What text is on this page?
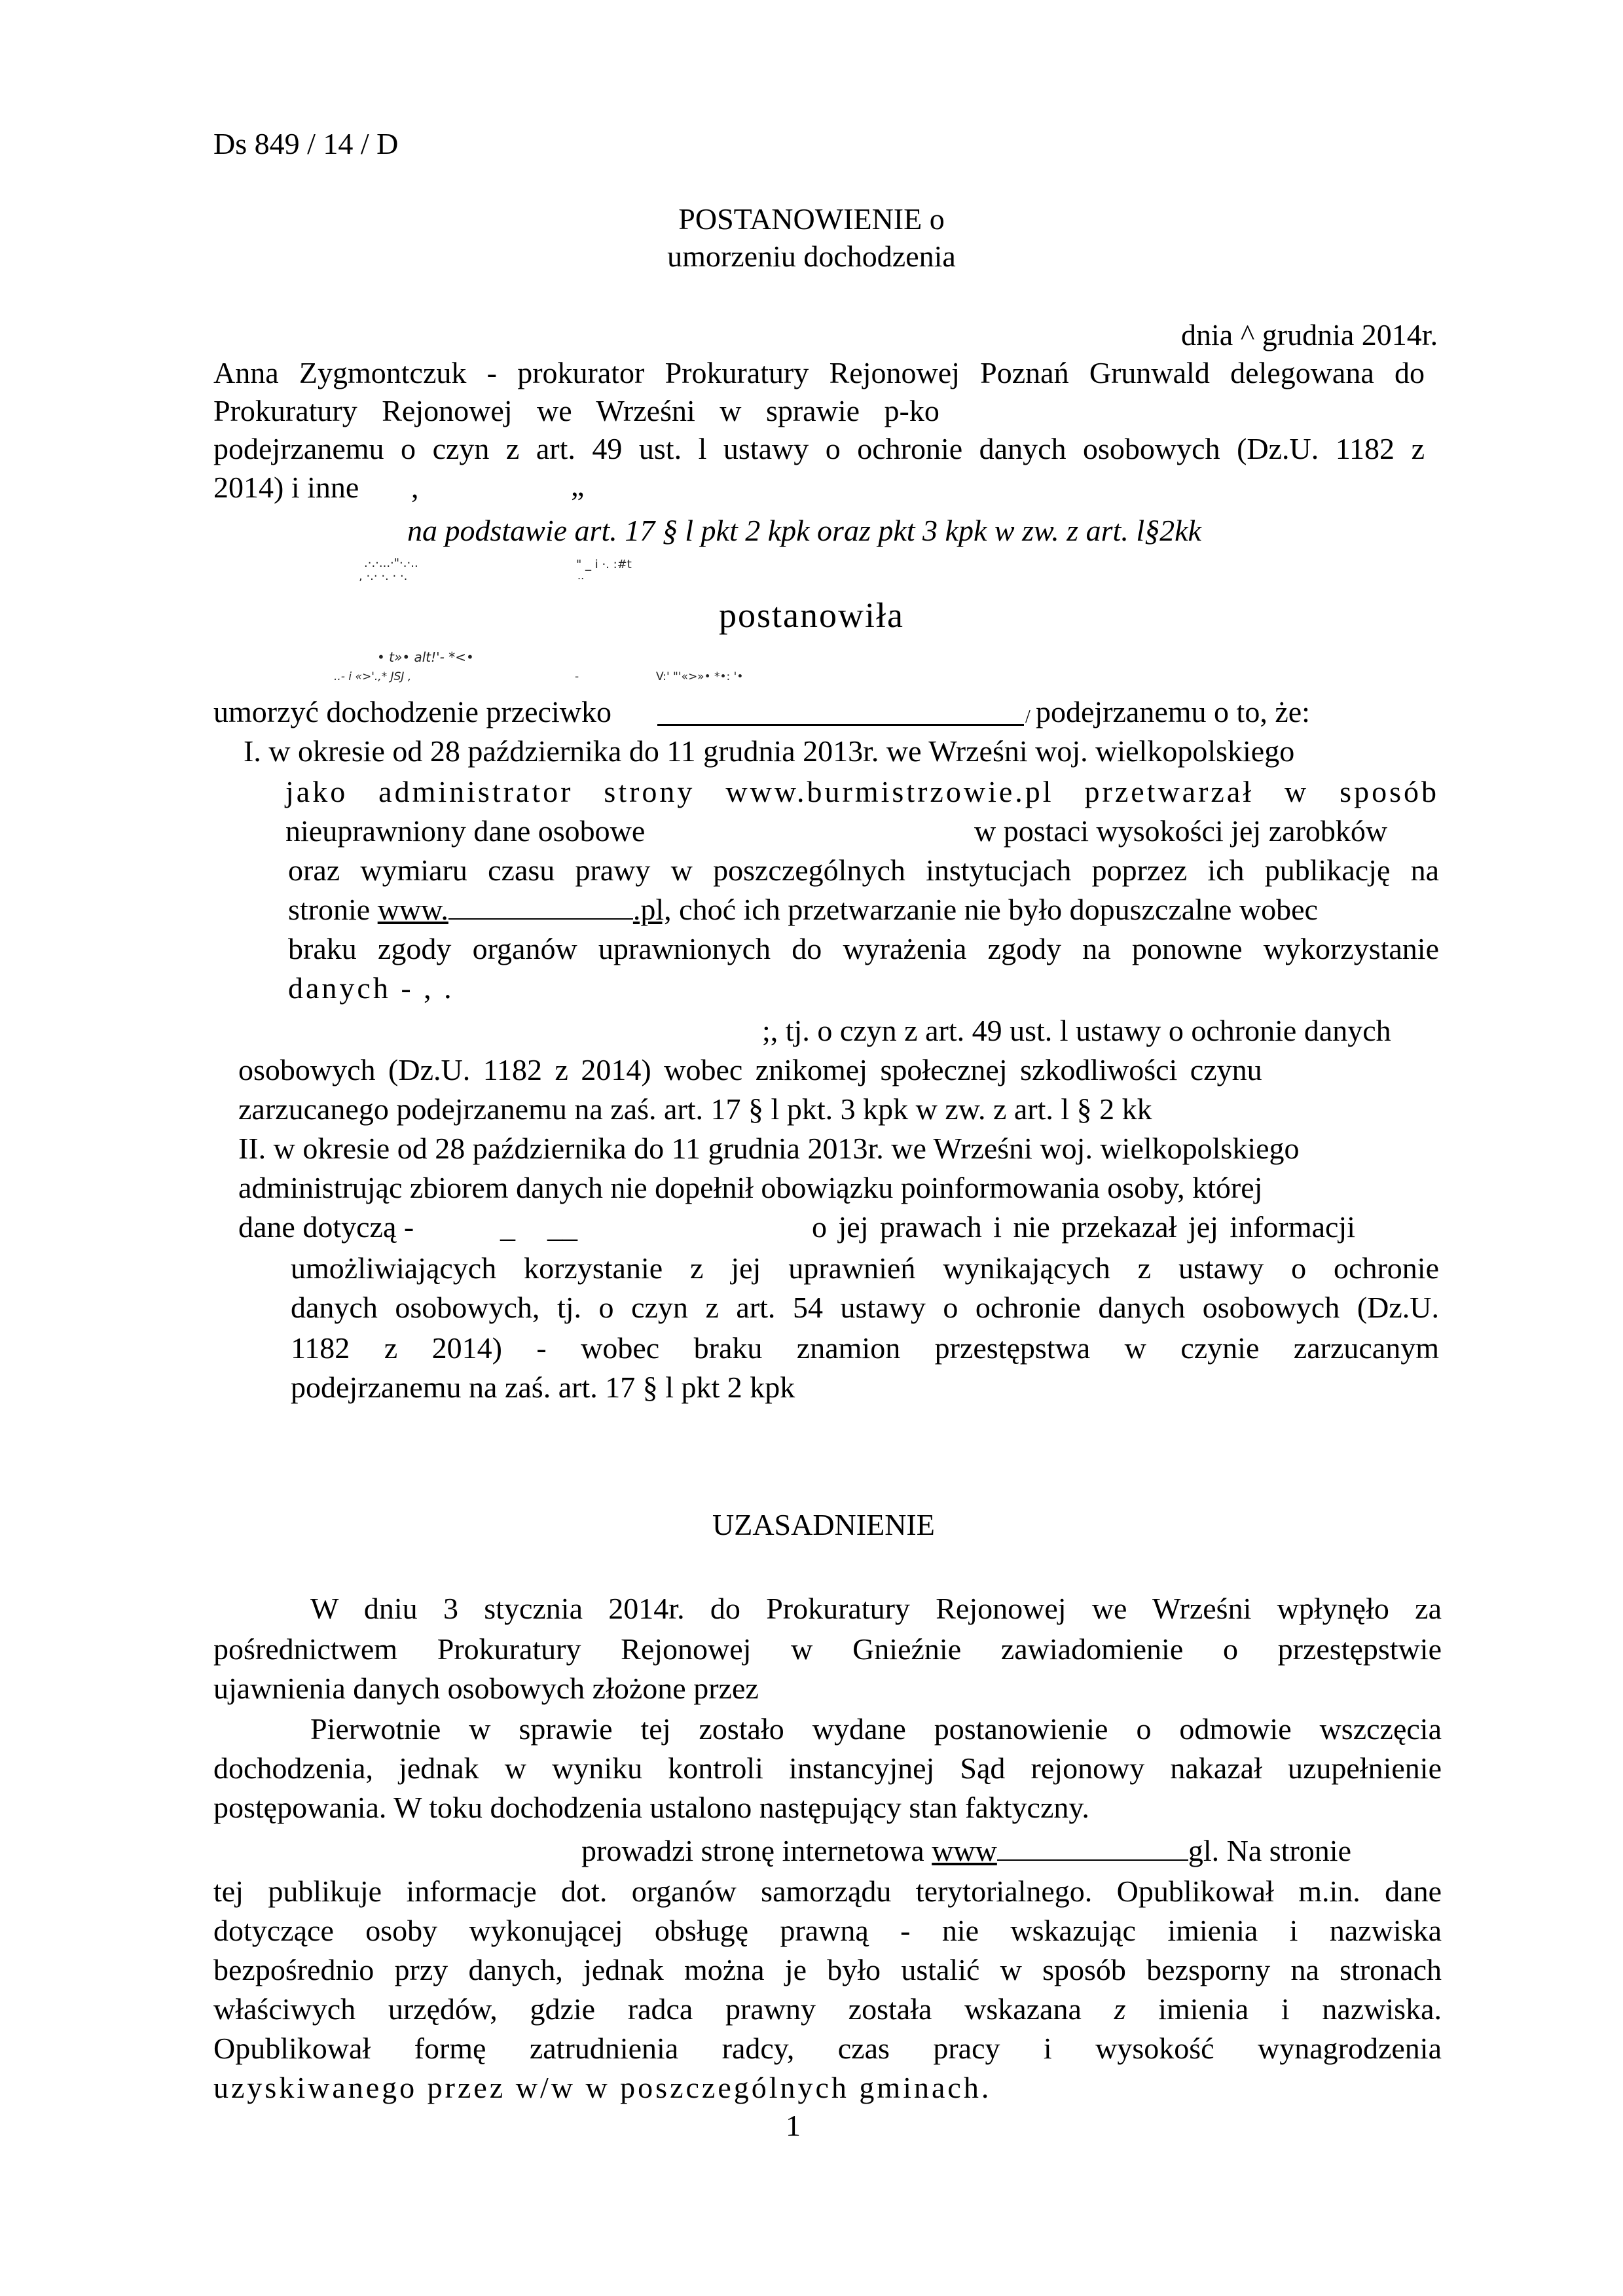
Ds 849 / 14 / D
POSTANOWIENIE o
umorzeniu dochodzenia
dnia ^ grudnia 2014r.
Anna Zygmontczuk - prokurator Prokuratury Rejonowej Poznań Grunwald delegowana do
Prokuratury Rejonowej we Wrześni w sprawie p-ko
podejrzanemu o czyn z art. 49 ust. l ustawy o ochronie danych osobowych (Dz.U. 1182 z
2014) i inne ,	„
na podstawie art. 17 § l pkt 2 kpk oraz pkt 3 kpk w zw. z art. l§2kk
.·.·...·"·.·..
, ·.· ·. · ·.
" _ i ·. :#t
..
postanowiła
• t»• alt!'- *<•
..- i «>'.,* JSJ ,	-	V:' "'«>»• *•: '•
umorzyć dochodzenie przeciwko	/ podejrzanemu o to, że:
I. w okresie od 28 października do 11 grudnia 2013r. we Wrześni woj. wielkopolskiego
jako administrator strony www.burmistrzowie.pl przetwarzał w sposób
nieuprawniony dane osobowe	w postaci wysokości jej zarobków
oraz wymiaru czasu prawy w poszczególnych instytucjach poprzez ich publikację na
stronie www.	.pl, choć ich przetwarzanie nie było dopuszczalne wobec
braku zgody organów uprawnionych do wyrażenia zgody na ponowne wykorzystanie
danych - , .
;, tj. o czyn z art. 49 ust. l ustawy o ochronie danych
osobowych (Dz.U. 1182 z 2014) wobec znikomej społecznej szkodliwości czynu
zarzucanego podejrzanemu na zaś. art. 17 § l pkt. 3 kpk w zw. z art. l § 2 kk
II. w okresie od 28 października do 11 grudnia 2013r. we Wrześni woj. wielkopolskiego
administrując zbiorem danych nie dopełnił obowiązku poinformowania osoby, której
dane dotyczą -	_ __	o jej prawach i nie przekazał jej informacji
umożliwiających korzystanie z jej uprawnień wynikających z ustawy o ochronie
danych osobowych, tj. o czyn z art. 54 ustawy o ochronie danych osobowych (Dz.U.
1182 z 2014) - wobec braku znamion przestępstwa w czynie zarzucanym
podejrzanemu na zaś. art. 17 § l pkt 2 kpk
UZASADNIENIE
W dniu 3 stycznia 2014r. do Prokuratury Rejonowej we Wrześni wpłynęło za
pośrednictwem Prokuratury Rejonowej w Gnieźnie zawiadomienie o przestępstwie
ujawnienia danych osobowych złożone przez
Pierwotnie w sprawie tej zostało wydane postanowienie o odmowie wszczęcia
dochodzenia, jednak w wyniku kontroli instancyjnej Sąd rejonowy nakazał uzupełnienie
postępowania. W toku dochodzenia ustalono następujący stan faktyczny.
prowadzi stronę internetowa www	gl. Na stronie
tej publikuje informacje dot. organów samorządu terytorialnego. Opublikował m.in. dane
dotyczące osoby wykonującej obsługę prawną - nie wskazując imienia i nazwiska
bezpośrednio przy danych, jednak można je było ustalić w sposób bezsporny na stronach
właściwych urzędów, gdzie radca prawny została wskazana z imienia i nazwiska.
Opublikował formę zatrudnienia radcy, czas pracy i wysokość wynagrodzenia
uzyskiwanego przez w/w w poszczególnych gminach.
1
